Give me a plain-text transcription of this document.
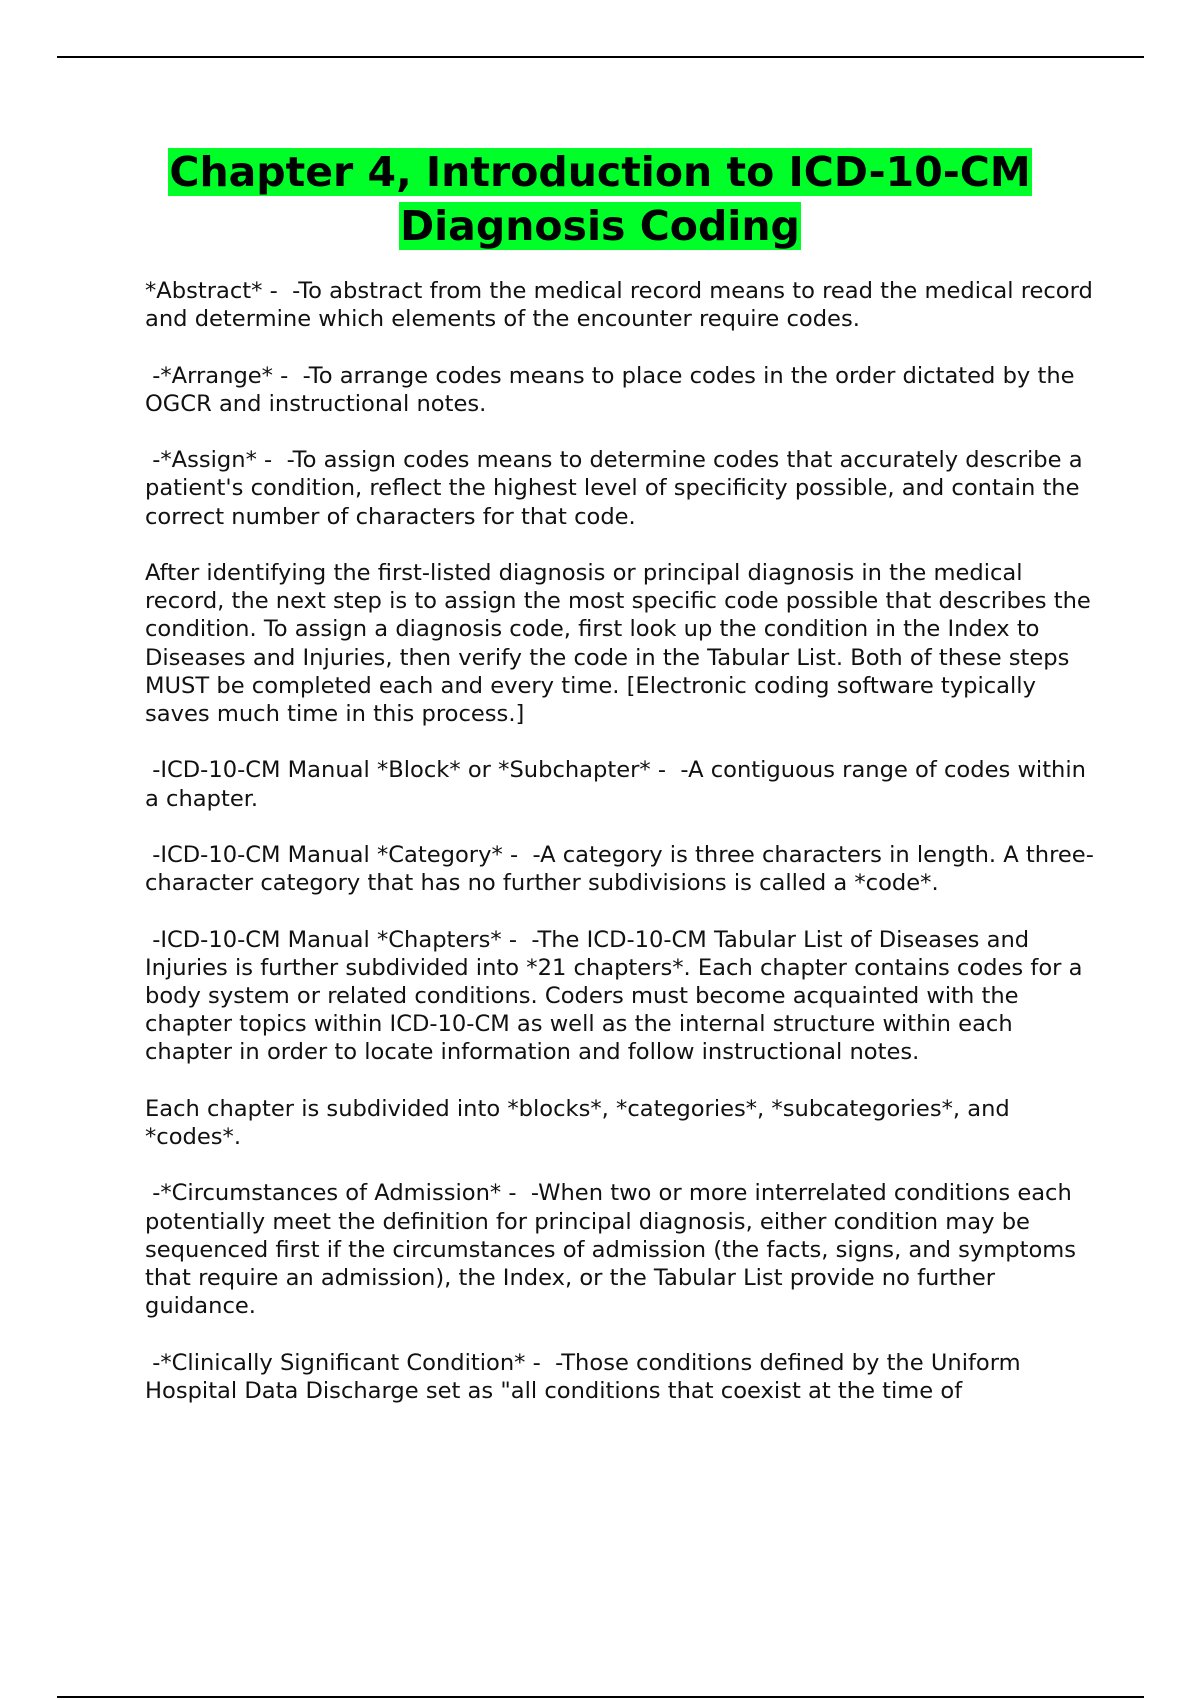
Chapter 4, Introduction to ICD-10-CM Diagnosis Coding

*Abstract* -  -To abstract from the medical record means to read the medical record and determine which elements of the encounter require codes.

-*Arrange* -  -To arrange codes means to place codes in the order dictated by the OGCR and instructional notes.

-*Assign* -  -To assign codes means to determine codes that accurately describe a patient's condition, reflect the highest level of specificity possible, and contain the correct number of characters for that code.

After identifying the first-listed diagnosis or principal diagnosis in the medical record, the next step is to assign the most specific code possible that describes the condition. To assign a diagnosis code, first look up the condition in the Index to Diseases and Injuries, then verify the code in the Tabular List. Both of these steps MUST be completed each and every time. [Electronic coding software typically saves much time in this process.]

-ICD-10-CM Manual *Block* or *Subchapter* -  -A contiguous range of codes within a chapter.

-ICD-10-CM Manual *Category* -  -A category is three characters in length. A three-character category that has no further subdivisions is called a *code*.

-ICD-10-CM Manual *Chapters* -  -The ICD-10-CM Tabular List of Diseases and Injuries is further subdivided into *21 chapters*. Each chapter contains codes for a body system or related conditions. Coders must become acquainted with the chapter topics within ICD-10-CM as well as the internal structure within each chapter in order to locate information and follow instructional notes.

Each chapter is subdivided into *blocks*, *categories*, *subcategories*, and *codes*.

-*Circumstances of Admission* -  -When two or more interrelated conditions each potentially meet the definition for principal diagnosis, either condition may be sequenced first if the circumstances of admission (the facts, signs, and symptoms that require an admission), the Index, or the Tabular List provide no further guidance.

-*Clinically Significant Condition* -  -Those conditions defined by the Uniform Hospital Data Discharge set as "all conditions that coexist at the time of
